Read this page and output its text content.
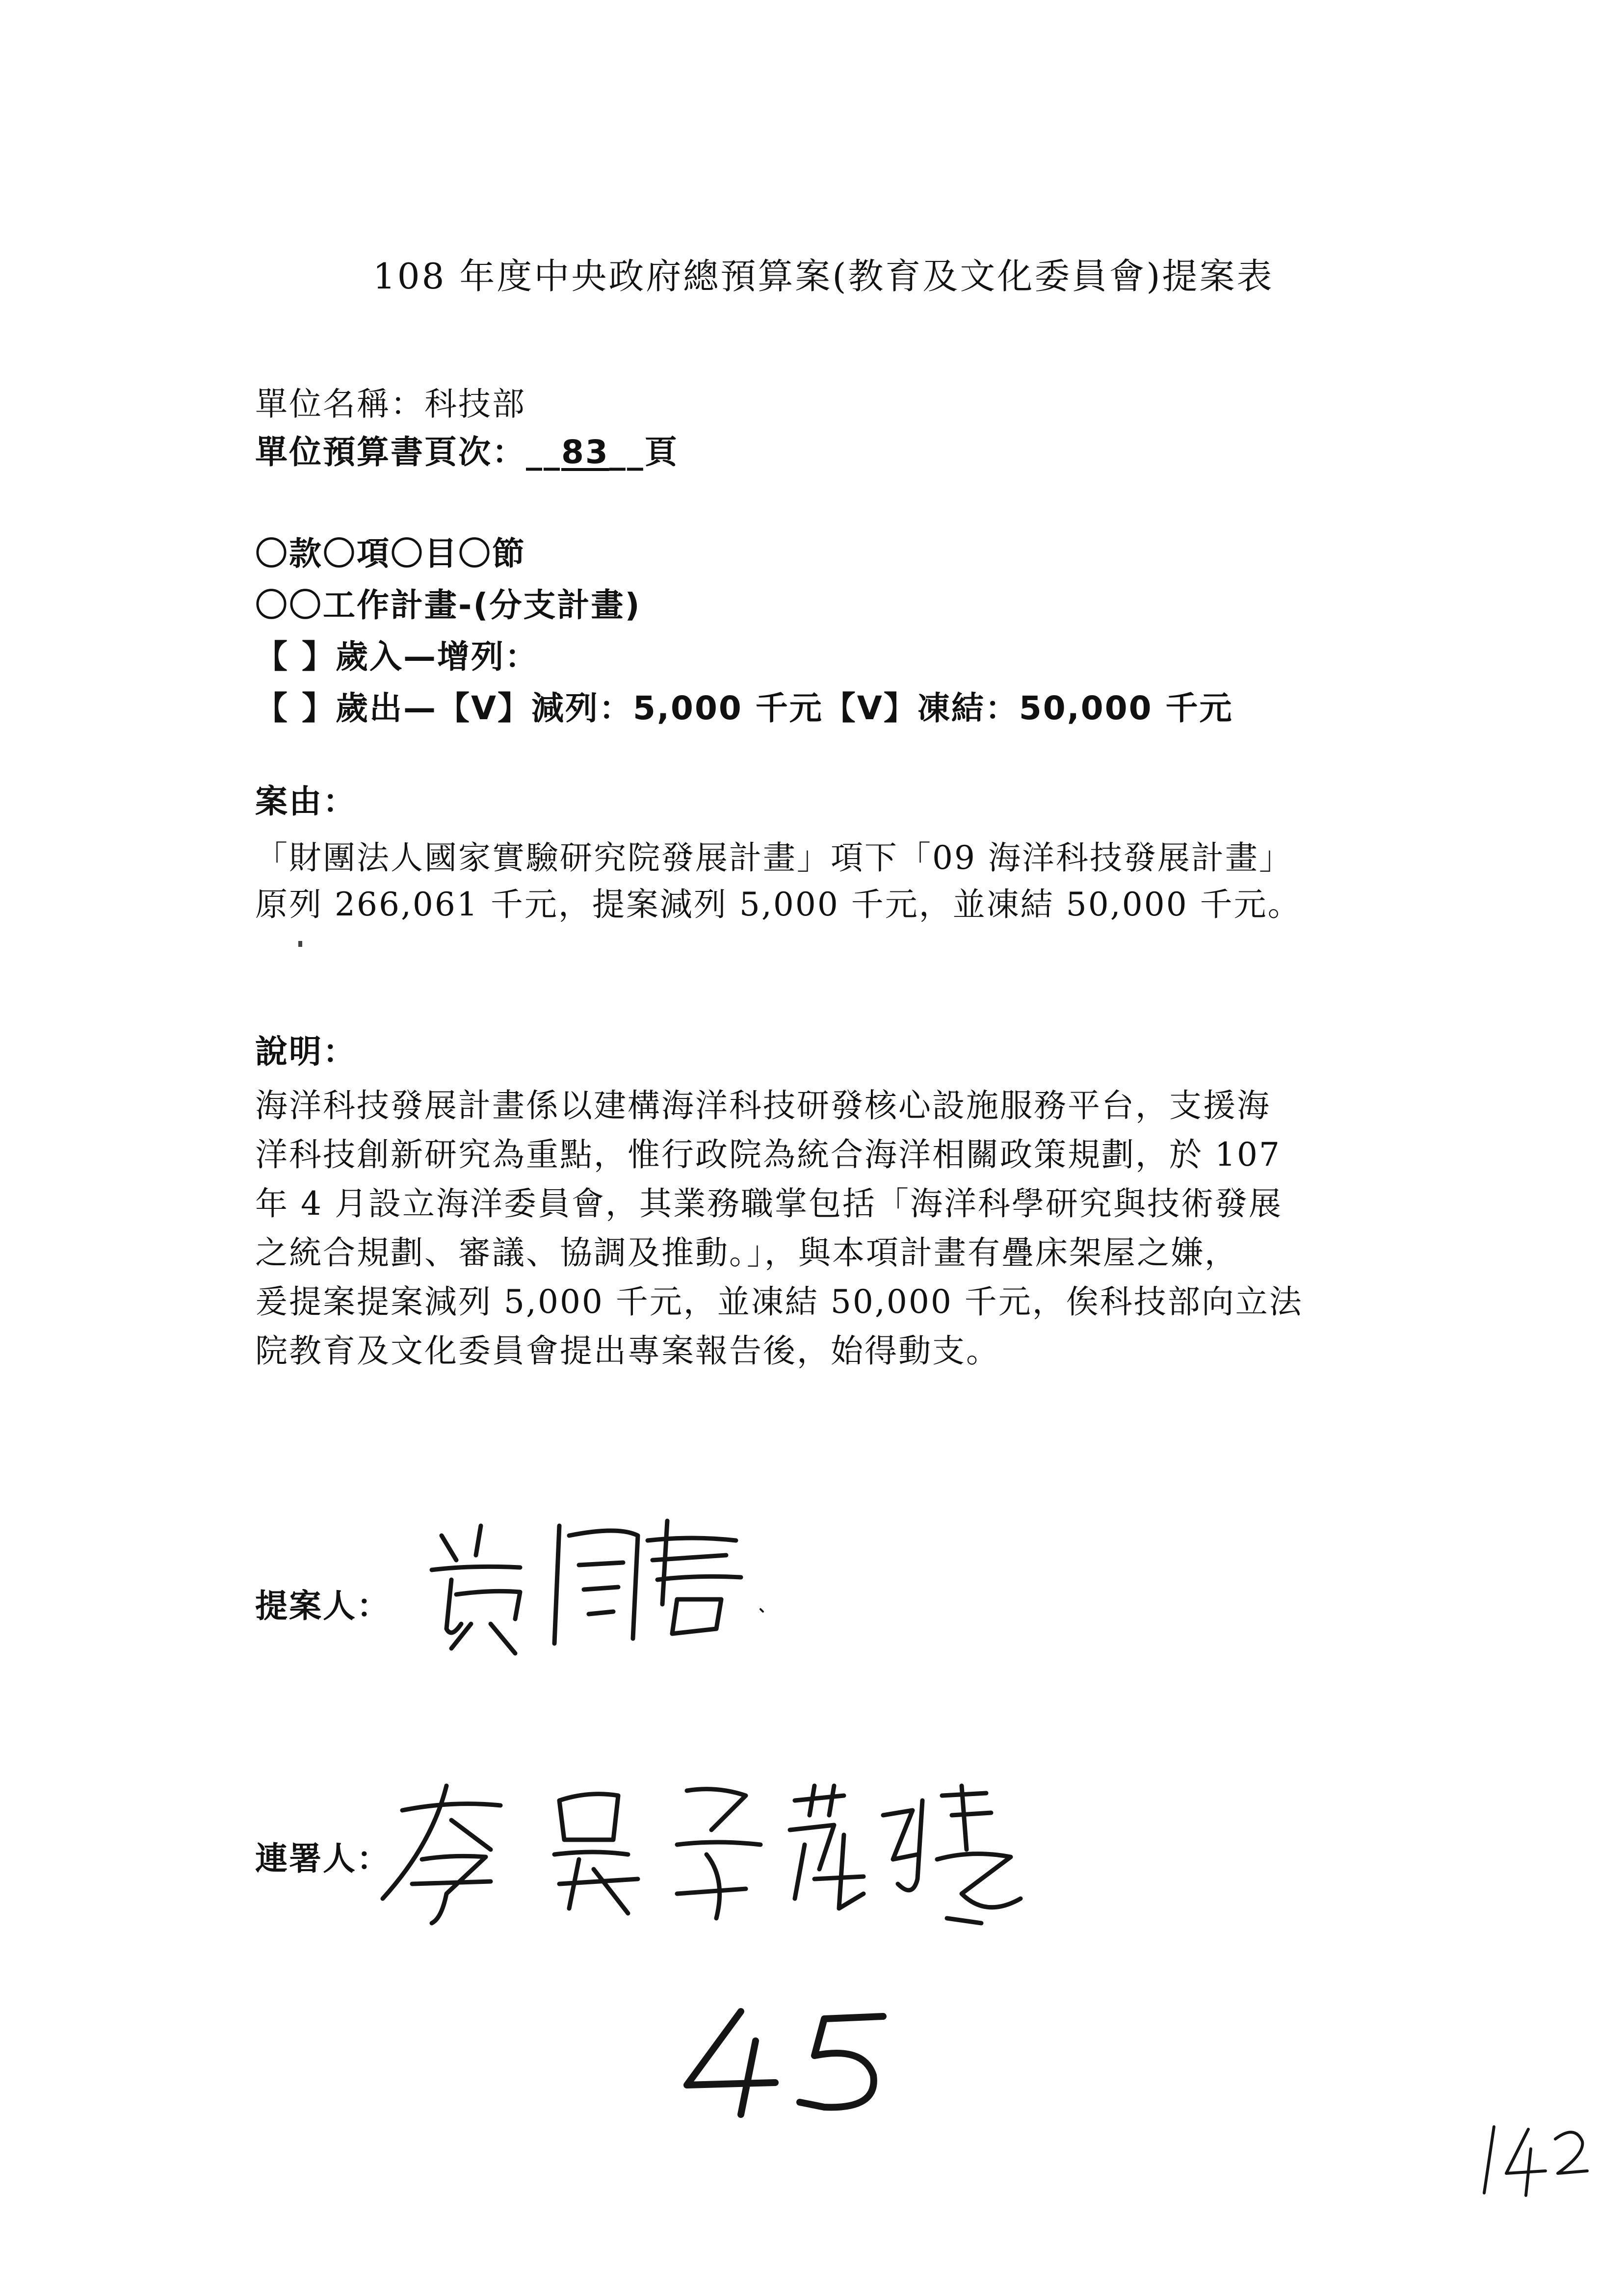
108 年度中央政府總預算案(教育及文化委員會)提案表
單位名稱：科技部
單位預算書頁次：__83__頁
〇款〇項〇目〇節
〇〇工作計畫-(分支計畫)
【 】歲入—增列：
【 】歲出—【V】減列：5,000 千元【V】凍結：50,000 千元
案由：
「財團法人國家實驗研究院發展計畫」項下「09 海洋科技發展計畫」
原列 266,061 千元，提案減列 5,000 千元，並凍結 50,000 千元。
說明：
海洋科技發展計畫係以建構海洋科技研發核心設施服務平台，支援海
洋科技創新研究為重點，惟行政院為統合海洋相關政策規劃，於 107
年 4 月設立海洋委員會，其業務職掌包括「海洋科學研究與技術發展
之統合規劃、審議、協調及推動。」，與本項計畫有疊床架屋之嫌，
爰提案提案減列 5,000 千元，並凍結 50,000 千元，俟科技部向立法
院教育及文化委員會提出專案報告後，始得動支。
提案人：
連署人：
